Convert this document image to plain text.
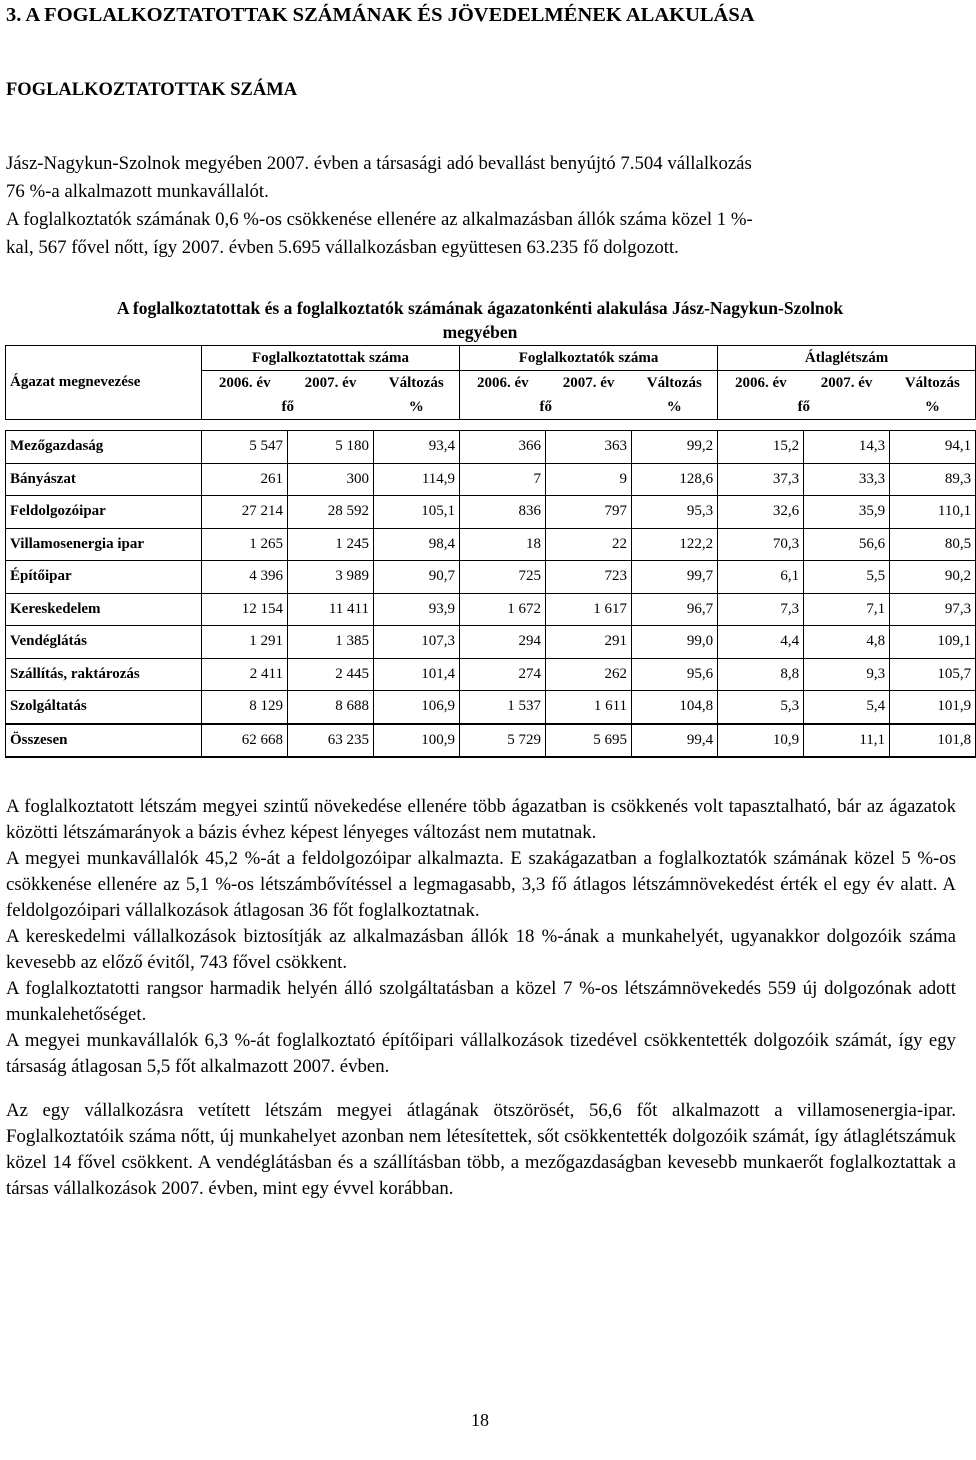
3. A FOGLALKOZTATOTTAK SZÁMÁNAK ÉS JÖVEDELMÉNEK ALAKULÁSA
FOGLALKOZTATOTTAK SZÁMA
Jász-Nagykun-Szolnok megyében 2007. évben a társasági adó bevallást benyújtó 7.504 vállalkozás
76 %-a alkalmazott munkavállalót.
A foglalkoztatók számának 0,6 %-os csökkenése ellenére az alkalmazásban állók száma közel 1 %-
kal, 567 fővel nőtt, így 2007. évben 5.695 vállalkozásban együttesen 63.235 fő dolgozott.
A foglalkoztatottak és a foglalkoztatók számának ágazatonkénti alakulása Jász-Nagykun-Szolnok
megyében
Ágazat megnevezése	Foglalkoztatottak száma			Foglalkoztatók száma			Átlaglétszám		
	2006. év	2007. év	Változás	2006. év	2007. év	Változás	2006. év	2007. év	Változás
	fő		%	fő		%	fő		%

Mezőgazdaság	5 547	5 180	93,4	366	363	99,2	15,2	14,3	94,1
Bányászat	261	300	114,9	7	9	128,6	37,3	33,3	89,3
Feldolgozóipar	27 214	28 592	105,1	836	797	95,3	32,6	35,9	110,1
Villamosenergia ipar	1 265	1 245	98,4	18	22	122,2	70,3	56,6	80,5
Építőipar	4 396	3 989	90,7	725	723	99,7	6,1	5,5	90,2
Kereskedelem	12 154	11 411	93,9	1 672	1 617	96,7	7,3	7,1	97,3
Vendéglátás	1 291	1 385	107,3	294	291	99,0	4,4	4,8	109,1
Szállítás, raktározás	2 411	2 445	101,4	274	262	95,6	8,8	9,3	105,7
Szolgáltatás	8 129	8 688	106,9	1 537	1 611	104,8	5,3	5,4	101,9
Összesen	62 668	63 235	100,9	5 729	5 695	99,4	10,9	11,1	101,8

A foglalkoztatott létszám megyei szintű növekedése ellenére több ágazatban is csökkenés volt tapasztalható, bár az ágazatok közötti létszámarányok a bázis évhez képest lényeges változást nem mutatnak.

A megyei munkavállalók 45,2 %-át a feldolgozóipar alkalmazta. E szakágazatban a foglalkoztatók számának közel 5 %-os csökkenése ellenére az 5,1 %-os létszámbővítéssel a legmagasabb, 3,3 fő átlagos létszámnövekedést érték el egy év alatt. A feldolgozóipari vállalkozások átlagosan 36 főt foglalkoztatnak.

A kereskedelmi vállalkozások biztosítják az alkalmazásban állók 18 %-ának a munkahelyét, ugyanakkor dolgozóik száma kevesebb az előző évitől, 743 fővel csökkent.

A foglalkoztatotti rangsor harmadik helyén álló szolgáltatásban a közel 7 %-os létszámnövekedés 559 új dolgozónak adott munkalehetőséget.

A megyei munkavállalók 6,3 %-át foglalkoztató építőipari vállalkozások tizedével csökkentették dolgozóik számát, így egy társaság átlagosan 5,5 főt alkalmazott 2007. évben.

Az egy vállalkozásra vetített létszám megyei átlagának ötszörösét, 56,6 főt alkalmazott a villamosenergia-ipar. Foglalkoztatóik száma nőtt, új munkahelyet azonban nem létesítettek, sőt csökkentették dolgozóik számát, így átlaglétszámuk közel 14 fővel csökkent. A vendéglátásban és a szállításban több, a mezőgazdaságban kevesebb munkaerőt foglalkoztattak a társas vállalkozások 2007. évben, mint egy évvel korábban.

18
